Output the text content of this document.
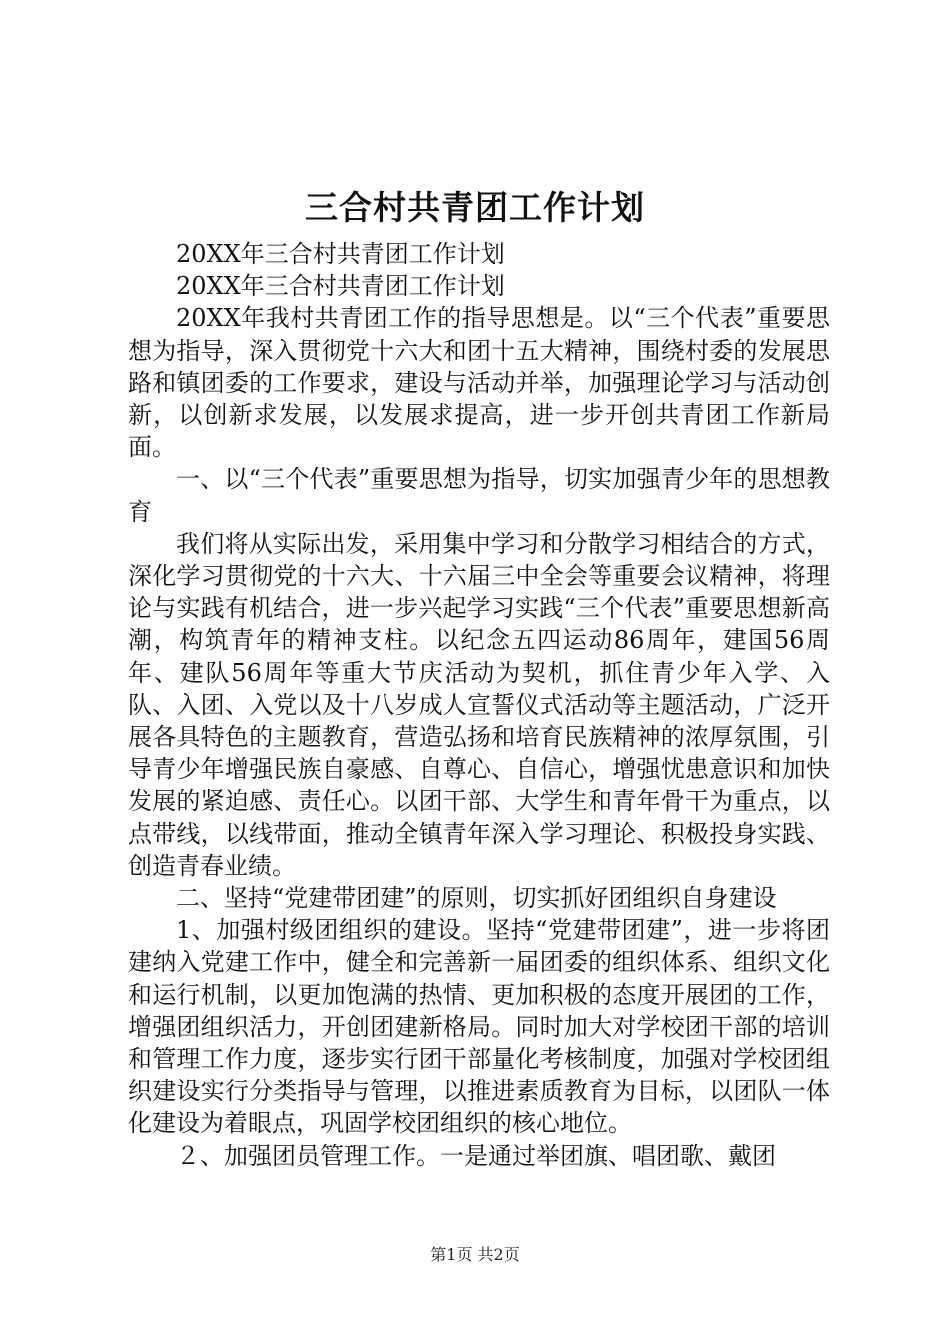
三合村共青团工作计划

20XX年三合村共青团工作计划

20XX年三合村共青团工作计划

20XX年我村共青团工作的指导思想是。以“三个代表”重要思想为指导，深入贯彻党十六大和团十五大精神，围绕村委的发展思路和镇团委的工作要求，建设与活动并举，加强理论学习与活动创新，以创新求发展，以发展求提高，进一步开创共青团工作新局面。

一、以“三个代表”重要思想为指导，切实加强青少年的思想教育

我们将从实际出发，采用集中学习和分散学习相结合的方式，深化学习贯彻党的十六大、十六届三中全会等重要会议精神，将理论与实践有机结合，进一步兴起学习实践“三个代表”重要思想新高潮，构筑青年的精神支柱。以纪念五四运动86周年，建国56周年、建队56周年等重大节庆活动为契机，抓住青少年入学、入队、入团、入党以及十八岁成人宣誓仪式活动等主题活动，广泛开展各具特色的主题教育，营造弘扬和培育民族精神的浓厚氛围，引导青少年增强民族自豪感、自尊心、自信心，增强忧患意识和加快发展的紧迫感、责任心。以团干部、大学生和青年骨干为重点，以点带线，以线带面，推动全镇青年深入学习理论、积极投身实践、创造青春业绩。

二、坚持“党建带团建”的原则，切实抓好团组织自身建设

1、加强村级团组织的建设。坚持“党建带团建”，进一步将团建纳入党建工作中，健全和完善新一届团委的组织体系、组织文化和运行机制，以更加饱满的热情、更加积极的态度开展团的工作，增强团组织活力，开创团建新格局。同时加大对学校团干部的培训和管理工作力度，逐步实行团干部量化考核制度，加强对学校团组织建设实行分类指导与管理，以推进素质教育为目标，以团队一体化建设为着眼点，巩固学校团组织的核心地位。

２、加强团员管理工作。一是通过举团旗、唱团歌、戴团

第1页 共2页
